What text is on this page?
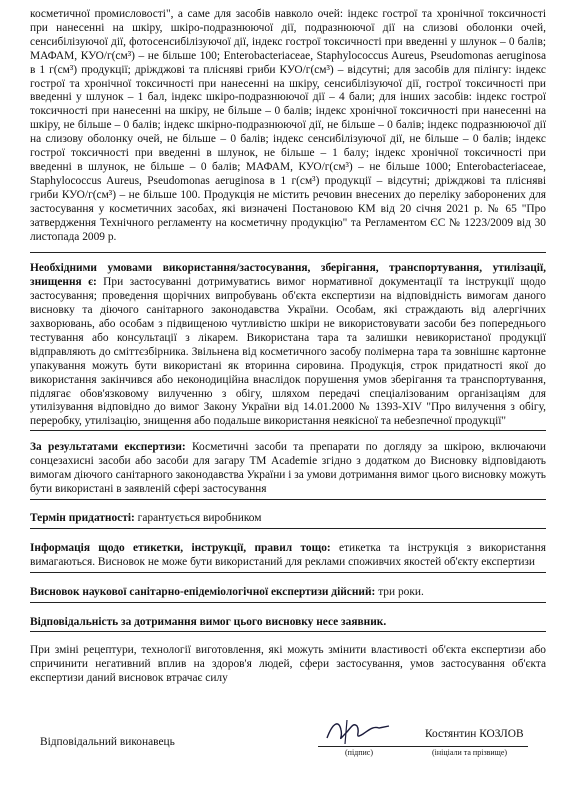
косметичної промисловості", а саме для засобів навколо очей: індекс гострої та хронічної токсичності при нанесенні на шкіру, шкіро-подразнюючої дії, подразнюючої дії на слизові оболонки очей, сенсибілізуючої дії, фотосенсибілізуючої дії, індекс гострої токсичності при введенні у шлунок – 0 балів; МАФАМ, КУО/г(см³) – не більше 100; Enterobacteriaceae, Staphylococcus Aureus, Pseudomonas aeruginosa в 1 г(см³) продукції; дріжджові та плісняві гриби КУО/г(см³) – відсутні; для засобів для пілінгу: індекс гострої та хронічної токсичності при нанесенні на шкіру, сенсибілізуючої дії, гострої токсичності при введенні у шлунок – 1 бал, індекс шкіро-подразнюючої дії – 4 бали; для інших засобів: індекс гострої токсичності при нанесенні на шкіру, не більше – 0 балів; індекс хронічної токсичності при нанесенні на шкіру, не більше – 0 балів; індекс шкірно-подразнюючої дії, не більше – 0 балів; індекс подразнюючої дії на слизову оболонку очей, не більше – 0 балів; індекс сенсибілізуючої дії, не більше – 0 балів; індекс гострої токсичності при введенні в шлунок, не більше – 1 балу; індекс хронічної токсичності при введенні в шлунок, не більше – 0 балів; МАФАМ, КУО/г(см³) – не більше 1000; Enterobacteriaceae, Staphylococcus Aureus, Pseudomonas aeruginosa в 1 г(см³) продукції – відсутні; дріжджові та плісняві гриби КУО/г(см³) – не більше 100. Продукція не містить речовин внесених до переліку заборонених для застосування у косметичних засобах, які визначені Постановою КМ від 20 січня 2021 р. № 65 "Про затвердження Технічного регламенту на косметичну продукцію" та Регламентом ЄС № 1223/2009 від 30 листопада 2009 р.

Необхідними умовами використання/застосування, зберігання, транспортування, утилізації, знищення є: При застосуванні дотримуватись вимог нормативної документації та інструкції щодо застосування; проведення щорічних випробувань об'єкта експертизи на відповідність вимогам даного висновку та діючого санітарного законодавства України. Особам, які страждають від алергічних захворювань, або особам з підвищеною чутливістю шкіри не використовувати засоби без попереднього тестування або консультації з лікарем. Використана тара та залишки невикористаної продукції відправляють до сміттєзбірника. Звільнена від косметичного засобу полімерна тара та зовнішнє картонне упакування можуть бути використані як вторинна сировина. Продукція, строк придатності якої до використання закінчився або неконодиційна внаслідок порушення умов зберігання та транспортування, підлягає обов'язковому вилученню з обігу, шляхом передачі спеціалізованим організаціям для утилізування відповідно до вимог Закону України від 14.01.2000 № 1393-XIV "Про вилучення з обігу, переробку, утилізацію, знищення або подальше використання неякісної та небезпечної продукції"

За результатами експертизи: Косметичні засоби та препарати по догляду за шкірою, включаючи сонцезахисні засоби або засоби для загару ТМ Academie згідно з додатком до Висновку відповідають вимогам діючого санітарного законодавства України і за умови дотримання вимог цього висновку можуть бути використані в заявленій сфері застосування

Термін придатності: гарантується виробником

Інформація щодо етикетки, інструкції, правил тощо: етикетка та інструкція з використання вимагаються. Висновок не може бути використаний для реклами споживчих якостей об'єкту експертизи

Висновок наукової санітарно-епідеміологічної експертизи дійсний: три роки.

Відповідальність за дотримання вимог цього висновку несе заявник.

При зміні рецептури, технології виготовлення, які можуть змінити властивості об'єкта експертизи або спричинити негативний вплив на здоров'я людей, сфери застосування, умов застосування об'єкта експертизи даний висновок втрачає силу

Відповідальний виконавець
(підпис)
Костянтин КОЗЛОВ
(ініціали та прізвище)
